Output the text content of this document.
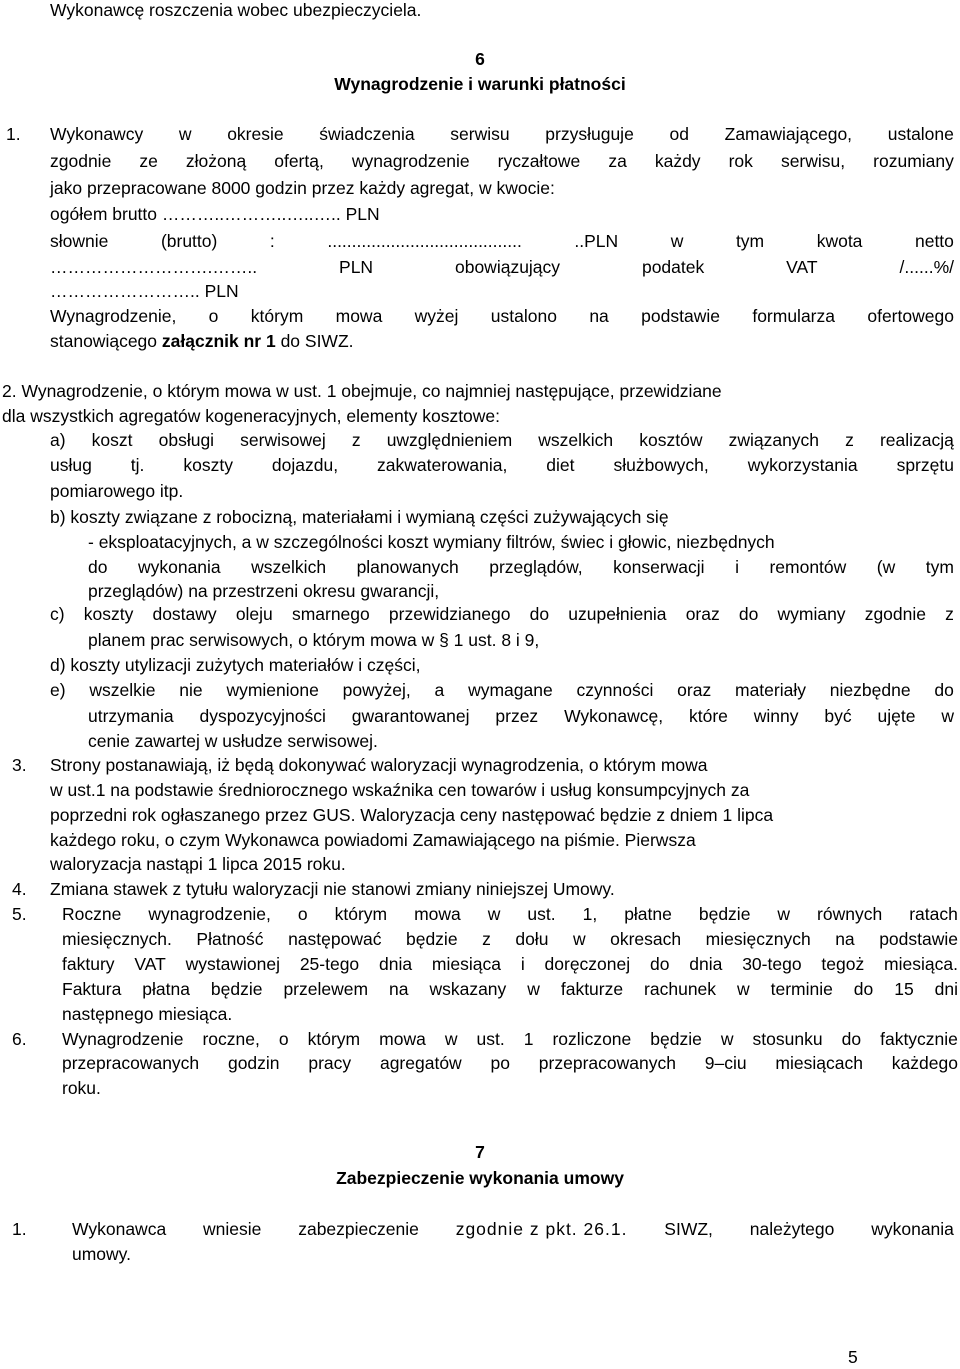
Wykonawcę roszczenia wobec ubezpieczyciela.
6
Wynagrodzenie i warunki płatności
1. Wykonawcy w okresie świadczenia serwisu przysługuje od Zamawiającego, ustalone
zgodnie ze złożoną ofertą, wynagrodzenie ryczałtowe za każdy rok serwisu, rozumiany
jako przepracowane 8000 godzin przez każdy agregat, w kwocie:
ogółem brutto ………..………..…..….. PLN
słownie	(brutto)	:	........................................	..PLN	w	tym	kwota	netto
……………………….……..	PLN	obowiązujący	podatek	VAT	/......%/
…………………….. PLN
Wynagrodzenie, o którym mowa wyżej ustalono na podstawie formularza ofertowego
stanowiącego załącznik nr 1 do SIWZ.
2. Wynagrodzenie, o którym mowa w ust. 1 obejmuje, co najmniej następujące, przewidziane
dla wszystkich agregatów kogeneracyjnych, elementy kosztowe:
a) koszt obsługi serwisowej z uwzględnieniem wszelkich kosztów związanych z realizacją
usług tj. koszty dojazdu, zakwaterowania, diet służbowych, wykorzystania sprzętu
pomiarowego itp.
b) koszty związane z robocizną, materiałami i wymianą części zużywających się
- eksploatacyjnych, a w szczególności koszt wymiany filtrów, świec i głowic, niezbędnych
do wykonania wszelkich planowanych przeglądów, konserwacji i remontów (w tym
przeglądów) na przestrzeni okresu gwarancji,
c) koszty dostawy oleju smarnego przewidzianego do uzupełnienia oraz do wymiany zgodnie z
planem prac serwisowych, o którym mowa w § 1 ust. 8 i 9,
d) koszty utylizacji zużytych materiałów i części,
e) wszelkie nie wymienione powyżej, a wymagane czynności oraz materiały niezbędne do
utrzymania dyspozycyjności gwarantowanej przez Wykonawcę, które winny być ujęte w
cenie zawartej w usłudze serwisowej.
3. Strony postanawiają, iż będą dokonywać waloryzacji wynagrodzenia, o którym mowa
w ust.1 na podstawie średniorocznego wskaźnika cen towarów i usług konsumpcyjnych za
poprzedni rok ogłaszanego przez GUS. Waloryzacja ceny następować będzie z dniem 1 lipca
każdego roku, o czym Wykonawca powiadomi Zamawiającego na piśmie. Pierwsza
waloryzacja nastąpi 1 lipca 2015 roku.
4. Zmiana stawek z tytułu waloryzacji nie stanowi zmiany niniejszej Umowy.
5. Roczne wynagrodzenie, o którym mowa w ust. 1, płatne będzie w równych ratach
miesięcznych. Płatność następować będzie z dołu w okresach miesięcznych na podstawie
faktury VAT wystawionej 25-tego dnia miesiąca i doręczonej do dnia 30-tego tegoż miesiąca.
Faktura płatna będzie przelewem na wskazany w fakturze rachunek w terminie do 15 dni
następnego miesiąca.
6. Wynagrodzenie roczne, o którym mowa w ust. 1 rozliczone będzie w stosunku do faktycznie
przepracowanych godzin pracy agregatów po przepracowanych 9–ciu miesiącach każdego
roku.
7
Zabezpieczenie wykonania umowy
1.	Wykonawca wniesie zabezpieczenie zgodnie z pkt. 26.1. SIWZ, należytego wykonania
umowy.
5
